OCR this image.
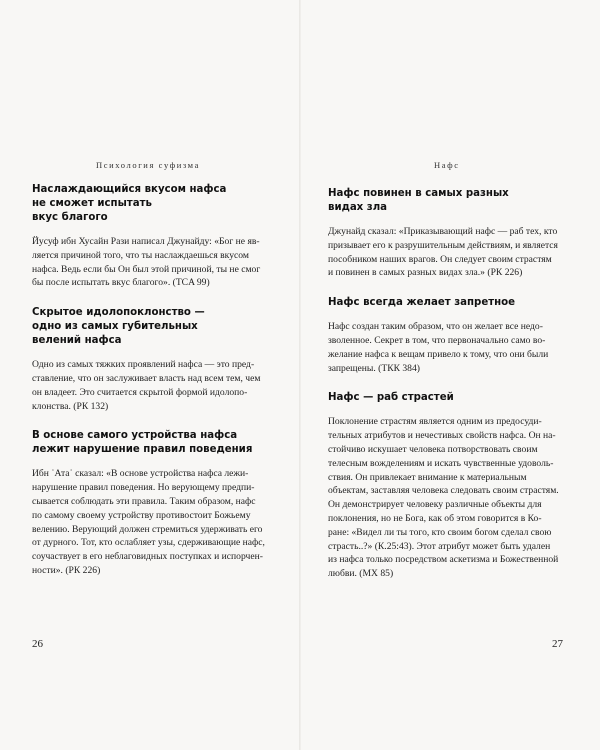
Психология суфизма
Наслаждающийся вкусом нафса
не сможет испытать
вкус благого
Йусуф ибн Хусайн Рази написал Джунайду: «Бог не яв-
ляется причиной того, что ты наслаждаешься вкусом
нафса. Ведь если бы Он был этой причиной, ты не смог
бы после испытать вкус благого». (TCA 99)
Скрытое идолопоклонство —
одно из самых губительных
велений нафса
Одно из самых тяжких проявлений нафса — это пред-
ставление, что он заслуживает власть над всем тем, чем
он владеет. Это считается скрытой формой идолопо-
клонства. (РК 132)
В основе самого устройства нафса
лежит нарушение правил поведения
Ибн ʿАтаʾ сказал: «В основе устройства нафса лежи-
нарушение правил поведения. Но верующему предпи-
сывается соблюдать эти правила. Таким образом, нафс
по самому своему устройству противостоит Божьему
велению. Верующий должен стремиться удерживать его
от дурного. Тот, кто ослабляет узы, сдерживающие нафс,
соучаствует в его неблаговидных поступках и испорчен-
ности». (РК 226)
26
Нафс
Нафс повинен в самых разных
видах зла
Джунайд сказал: «Приказывающий нафс — раб тех, кто
призывает его к разрушительным действиям, и является
пособником наших врагов. Он следует своим страстям
и повинен в самых разных видах зла.» (РК 226)
Нафс всегда желает запретное
Нафс создан таким образом, что он желает все недо-
зволенное. Секрет в том, что первоначально само во-
желание нафса к вещам привело к тому, что они были
запрещены. (ТКК 384)
Нафс — раб страстей
Поклонение страстям является одним из предосуди-
тельных атрибутов и нечестивых свойств нафса. Он на-
стойчиво искушает человека потворствовать своим
телесным вожделениям и искать чувственные удоволь-
ствия. Он привлекает внимание к материальным
объектам, заставляя человека следовать своим страстям.
Он демонстрирует человеку различные объекты для
поклонения, но не Бога, как об этом говорится в Ко-
ране: «Видел ли ты того, кто своим богом сделал свою
страсть..?» (К.25:43). Этот атрибут может быть удален
из нафса только посредством аскетизма и Божественной
любви. (МХ 85)
27
